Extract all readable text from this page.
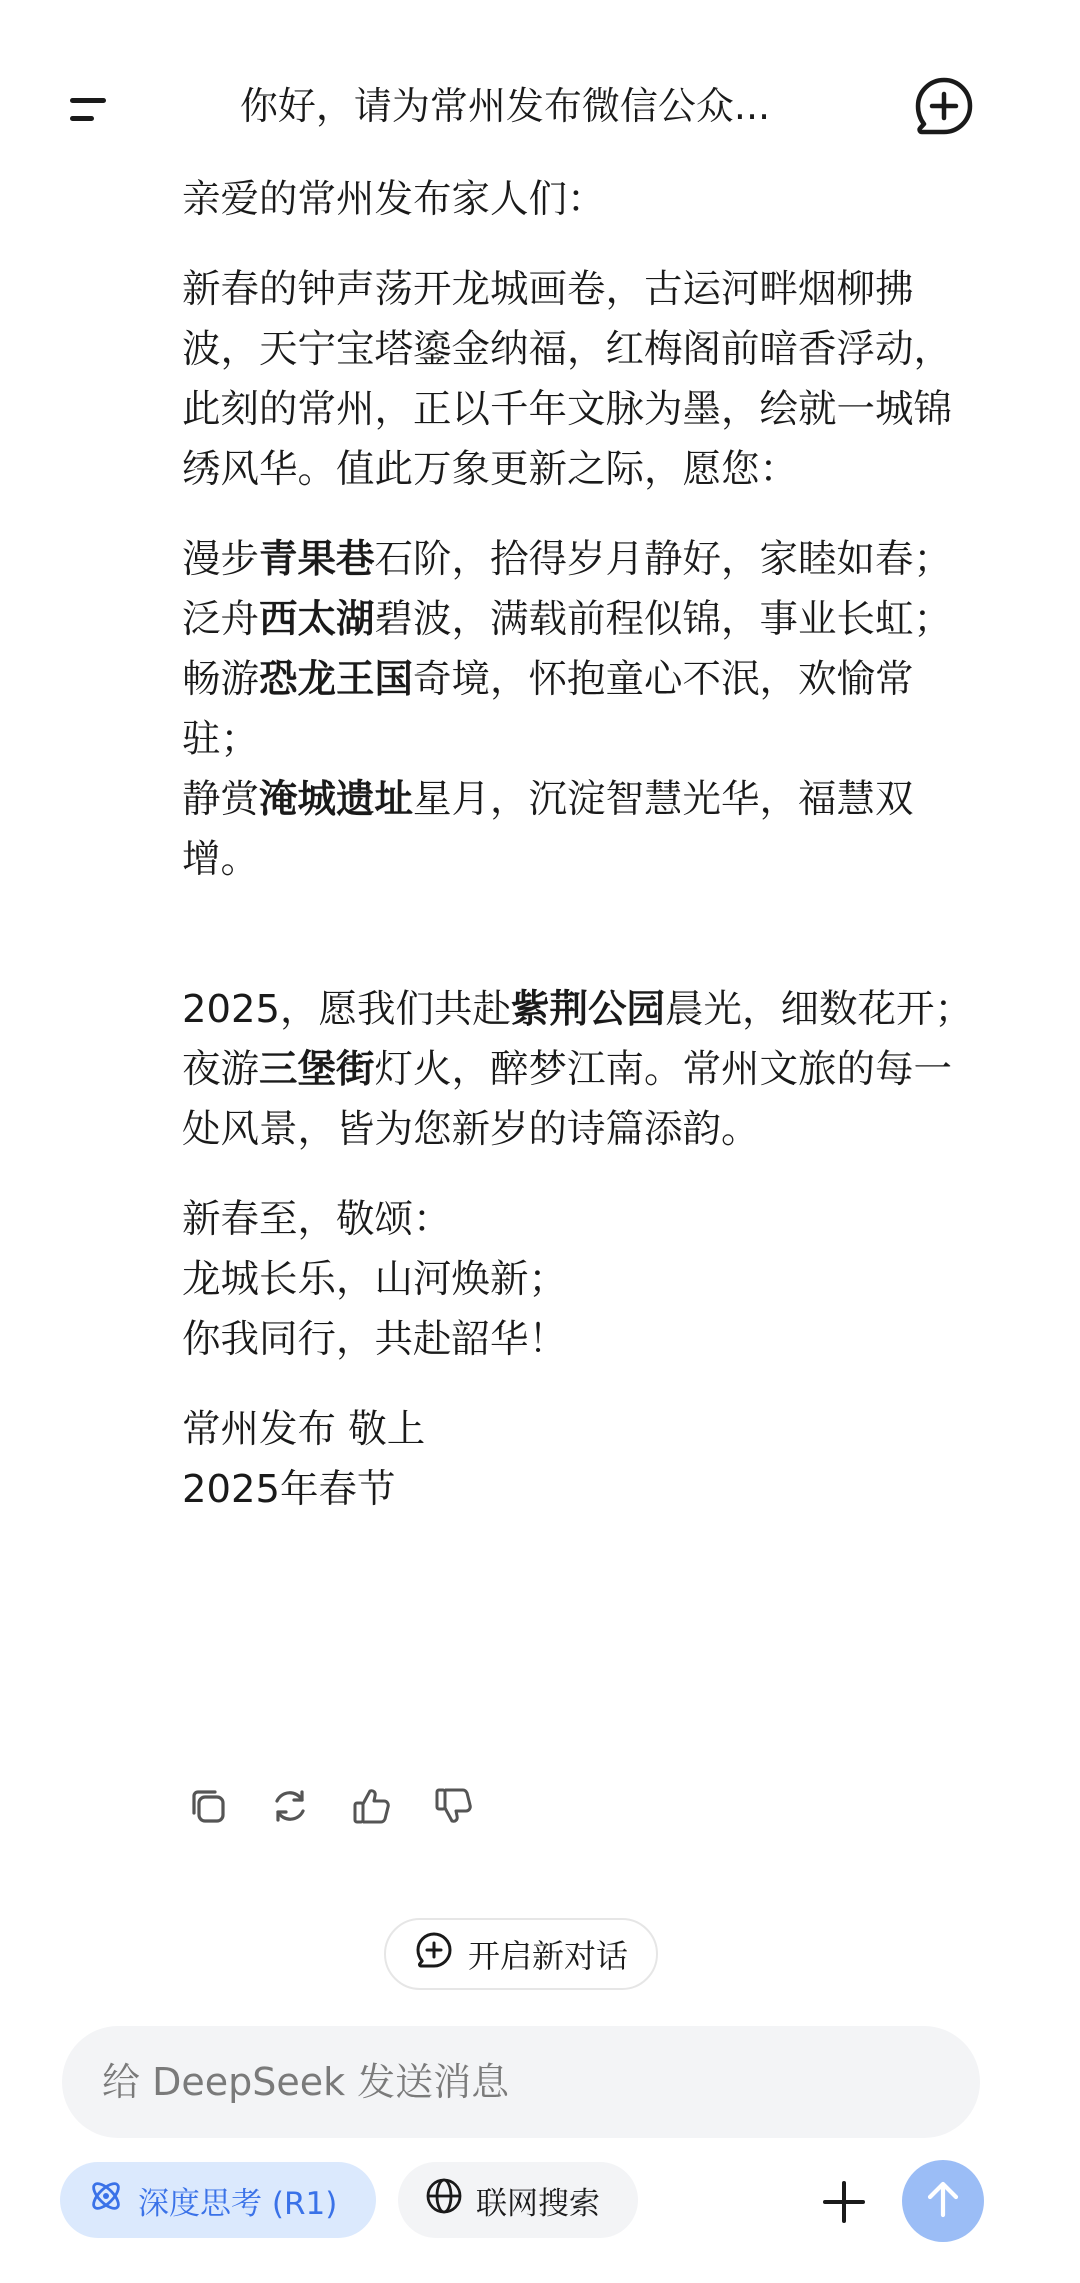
你好，请为常州发布微信公众...

亲爱的常州发布家人们：

新春的钟声荡开龙城画卷，古运河畔烟柳拂波，天宁宝塔鎏金纳福，红梅阁前暗香浮动，此刻的常州，正以千年文脉为墨，绘就一城锦绣风华。值此万象更新之际，愿您：

漫步青果巷石阶，拾得岁月静好，家睦如春；

泛舟西太湖碧波，满载前程似锦，事业长虹；

畅游恐龙王国奇境，怀抱童心不泯，欢愉常驻；

静赏淹城遗址星月，沉淀智慧光华，福慧双增。

2025，愿我们共赴紫荆公园晨光，细数花开；夜游三堡街灯火，醉梦江南。常州文旅的每一处风景，皆为您新岁的诗篇添韵。

新春至，敬颂：

龙城长乐，山河焕新；

你我同行，共赴韶华！

常州发布 敬上

2025年春节

开启新对话
给 DeepSeek 发送消息
深度思考 (R1)	联网搜索
